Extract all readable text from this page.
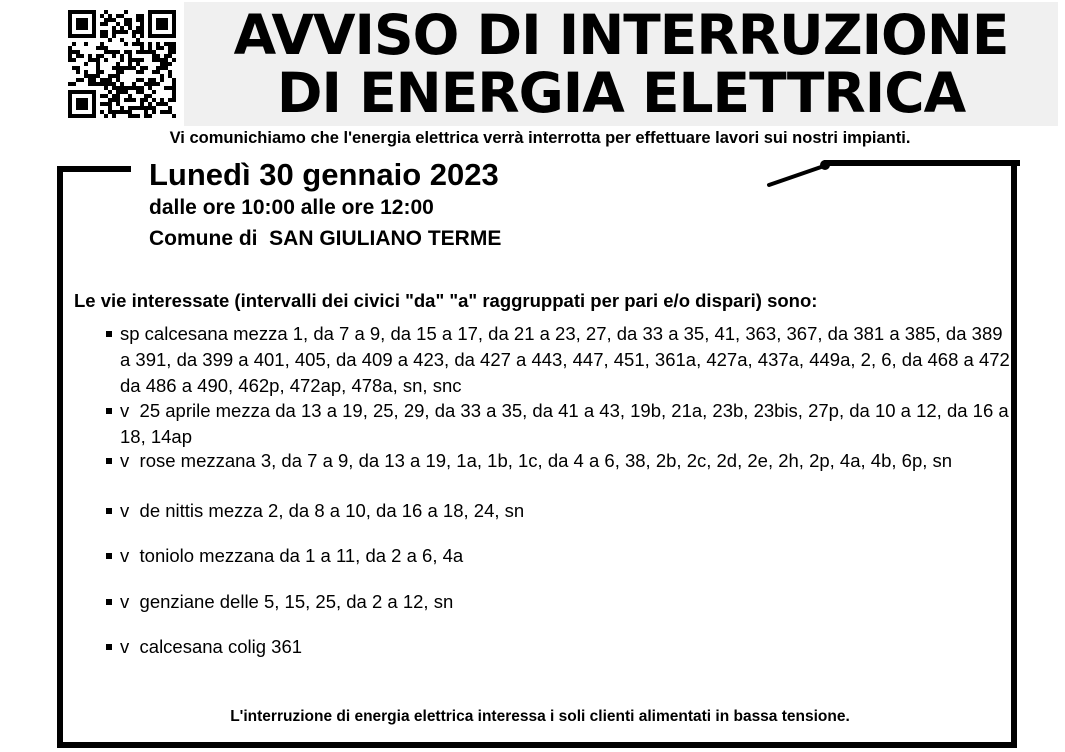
AVVISO DI INTERRUZIONE
DI ENERGIA ELETTRICA
Vi comunichiamo che l'energia elettrica verrà interrotta per effettuare lavori sui nostri impianti.
Lunedì 30 gennaio 2023
dalle ore 10:00 alle ore 12:00
Comune di  SAN GIULIANO TERME
Le vie interessate (intervalli dei civici "da" "a" raggruppati per pari e/o dispari) sono:
sp calcesana mezza 1, da 7 a 9, da 15 a 17, da 21 a 23, 27, da 33 a 35, 41, 363, 367, da 381 a 385, da 389 a 391, da 399 a 401, 405, da 409 a 423, da 427 a 443, 447, 451, 361a, 427a, 437a, 449a, 2, 6, da 468 a 472, da 486 a 490, 462p, 472ap, 478a, sn, snc
v  25 aprile mezza da 13 a 19, 25, 29, da 33 a 35, da 41 a 43, 19b, 21a, 23b, 23bis, 27p, da 10 a 12, da 16 a 18, 14ap
v  rose mezzana 3, da 7 a 9, da 13 a 19, 1a, 1b, 1c, da 4 a 6, 38, 2b, 2c, 2d, 2e, 2h, 2p, 4a, 4b, 6p, sn
v  de nittis mezza 2, da 8 a 10, da 16 a 18, 24, sn
v  toniolo mezzana da 1 a 11, da 2 a 6, 4a
v  genziane delle 5, 15, 25, da 2 a 12, sn
v  calcesana colig 361
L'interruzione di energia elettrica interessa i soli clienti alimentati in bassa tensione.
